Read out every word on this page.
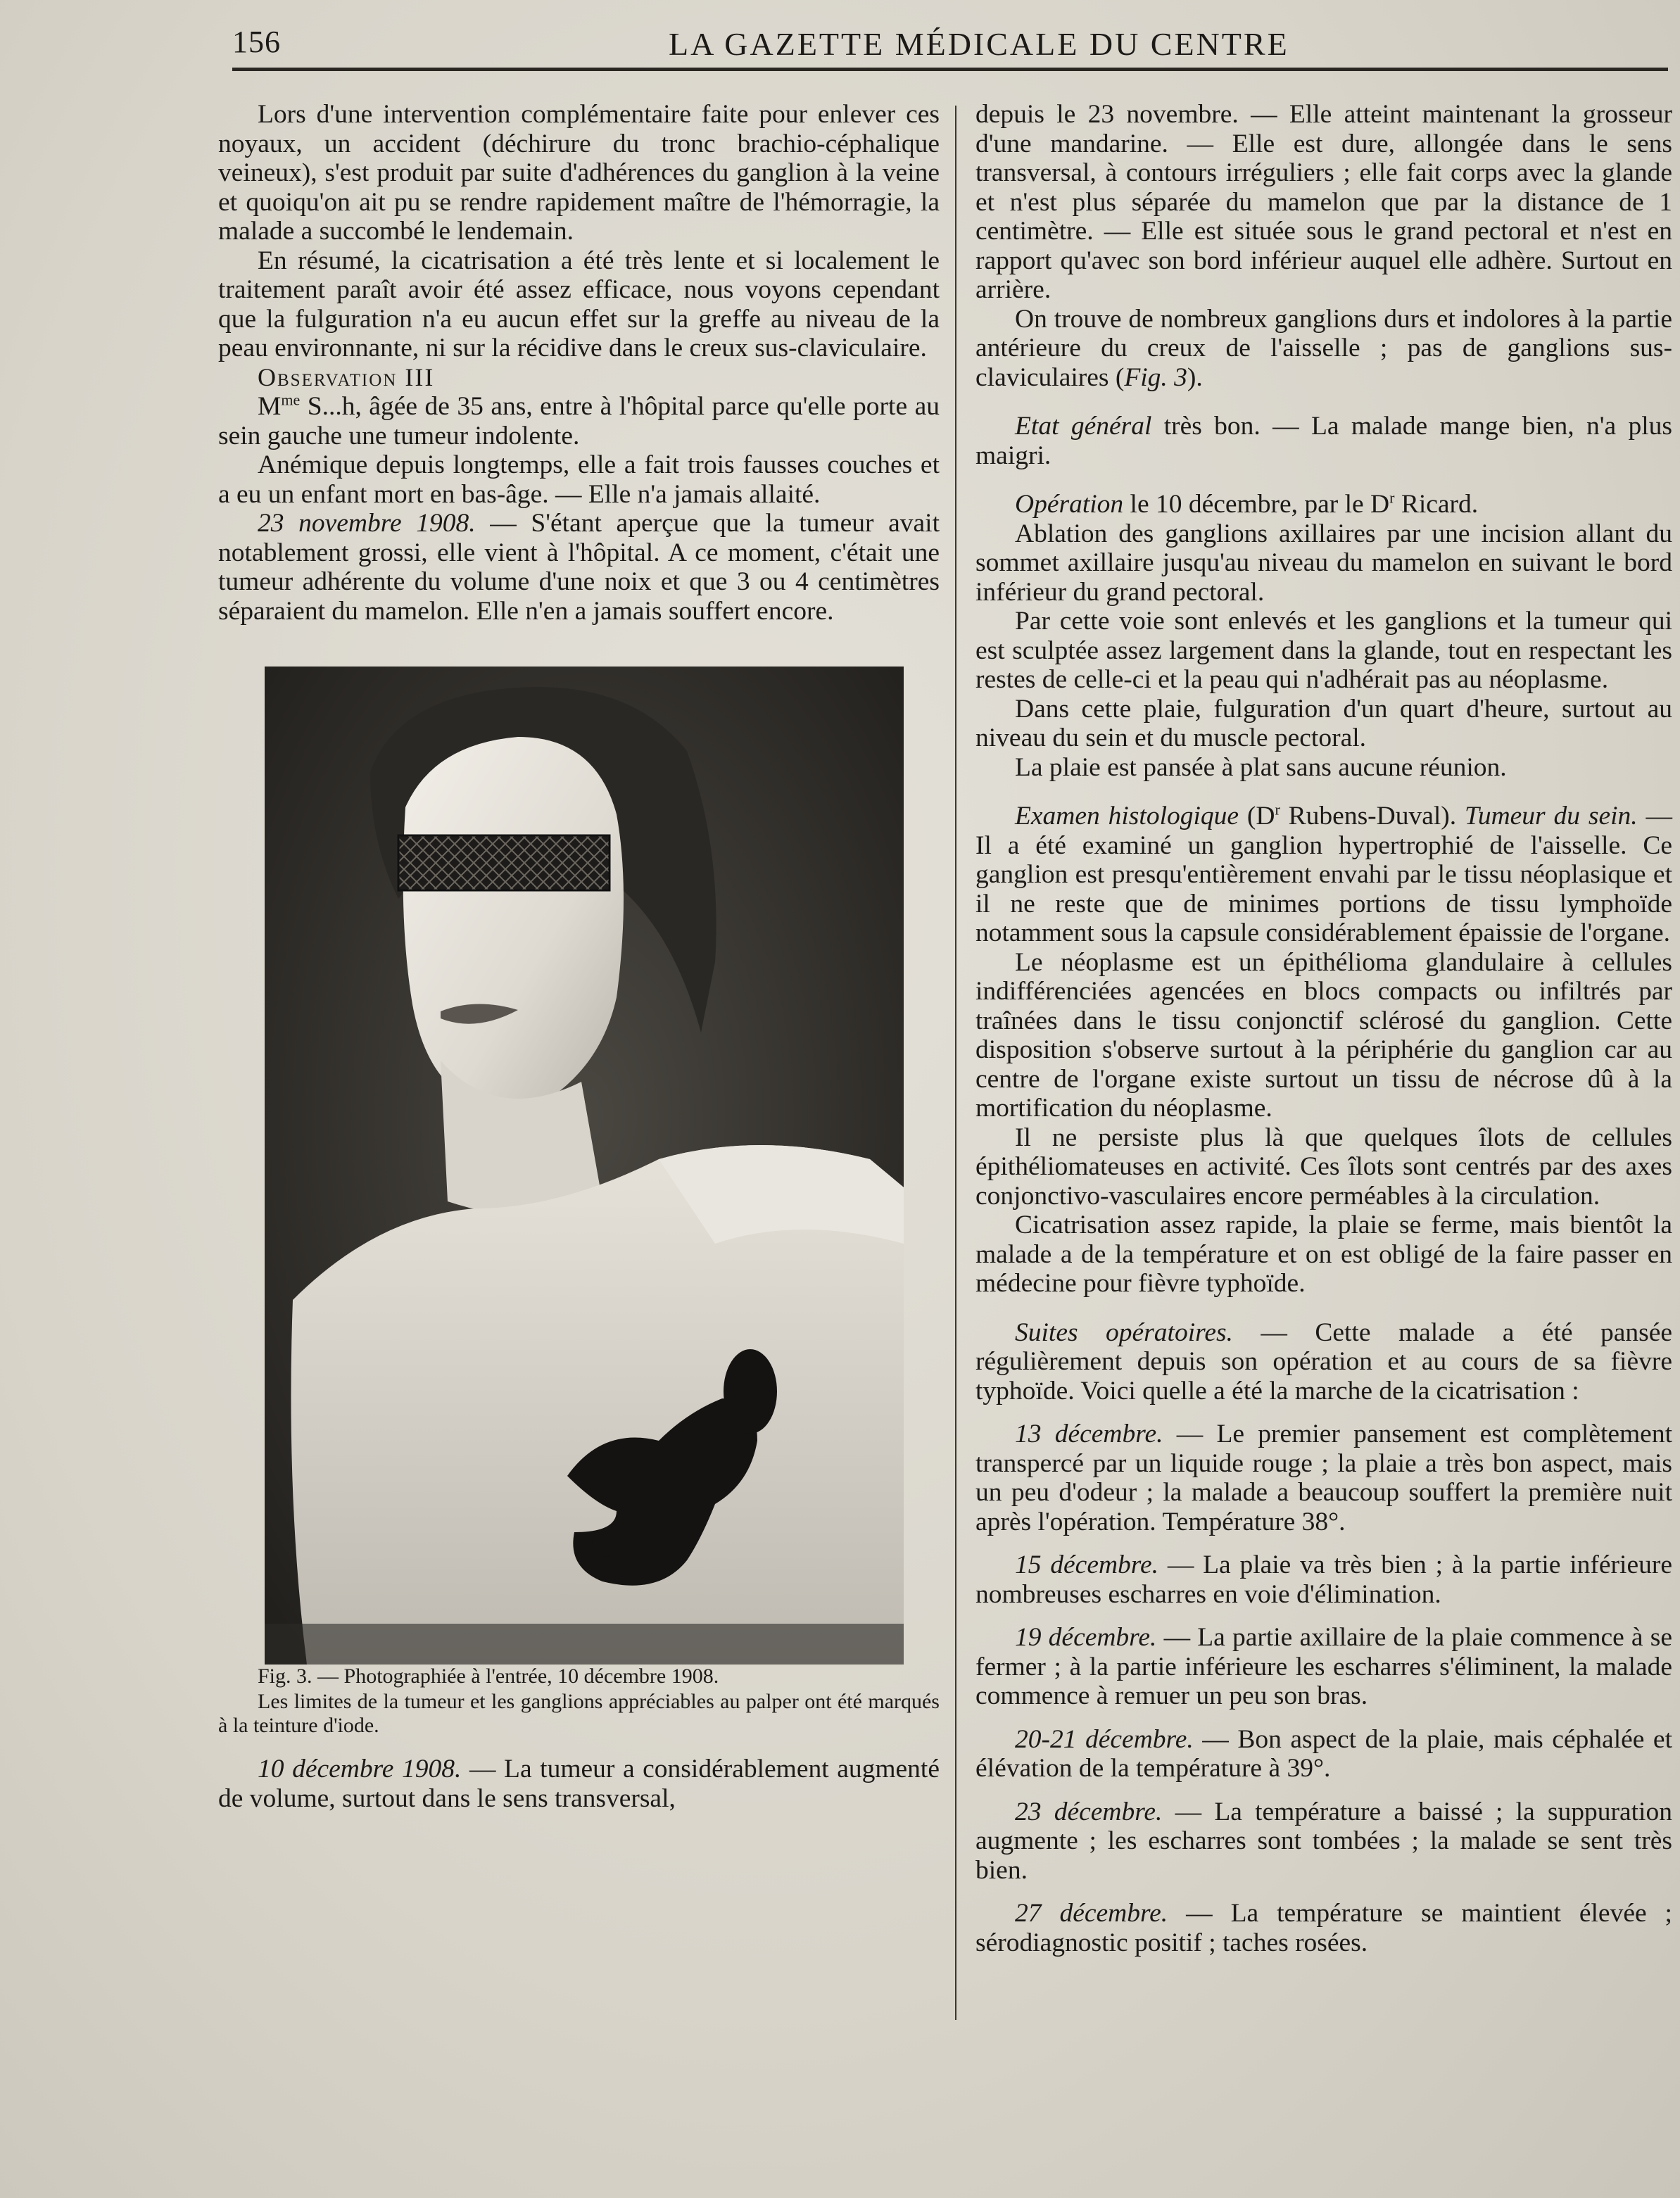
156	LA GAZETTE MÉDICALE DU CENTRE

Lors d'une intervention complémentaire faite pour enlever ces noyaux, un accident (déchirure du tronc brachio-céphalique veineux), s'est produit par suite d'adhérences du ganglion à la veine et quoiqu'on ait pu se rendre rapidement maître de l'hémorragie, la malade a succombé le lendemain.

En résumé, la cicatrisation a été très lente et si localement le traitement paraît avoir été assez efficace, nous voyons cependant que la fulguration n'a eu aucun effet sur la greffe au niveau de la peau environnante, ni sur la récidive dans le creux sus-claviculaire.

Observation III

$M^{me}$ S...h, âgée de 35 ans, entre à l'hôpital parce qu'elle porte au sein gauche une tumeur indolente.

Anémique depuis longtemps, elle a fait trois fausses couches et a eu un enfant mort en bas-âge. — Elle n'a jamais allaité.

23 novembre 1908. — S'étant aperçue que la tumeur avait notablement grossi, elle vient à l'hôpital. A ce moment, c'était une tumeur adhérente du volume d'une noix et que 3 ou 4 centimètres séparaient du mamelon. Elle n'en a jamais souffert encore.

Fig. 3. — Photographiée à l'entrée, 10 décembre 1908.

Les limites de la tumeur et les ganglions appréciables au palper ont été marqués à la teinture d'iode.

10 décembre 1908. — La tumeur a considérablement augmenté de volume, surtout dans le sens transversal,

depuis le 23 novembre. — Elle atteint maintenant la grosseur d'une mandarine. — Elle est dure, allongée dans le sens transversal, à contours irréguliers ; elle fait corps avec la glande et n'est plus séparée du mamelon que par la distance de 1 centimètre. — Elle est située sous le grand pectoral et n'est en rapport qu'avec son bord inférieur auquel elle adhère. Surtout en arrière.

On trouve de nombreux ganglions durs et indolores à la partie antérieure du creux de l'aisselle ; pas de ganglions sus-claviculaires (Fig. 3).

Etat général très bon. — La malade mange bien, n'a plus maigri.

Opération le 10 décembre, par le $D^r$ Ricard.

Ablation des ganglions axillaires par une incision allant du sommet axillaire jusqu'au niveau du mamelon en suivant le bord inférieur du grand pectoral.

Par cette voie sont enlevés et les ganglions et la tumeur qui est sculptée assez largement dans la glande, tout en respectant les restes de celle-ci et la peau qui n'adhérait pas au néoplasme.

Dans cette plaie, fulguration d'un quart d'heure, surtout au niveau du sein et du muscle pectoral.

La plaie est pansée à plat sans aucune réunion.

Examen histologique ($D^r$ Rubens-Duval). Tumeur du sein. — Il a été examiné un ganglion hypertrophié de l'aisselle. Ce ganglion est presqu'entièrement envahi par le tissu néoplasique et il ne reste que de minimes portions de tissu lymphoïde notamment sous la capsule considérablement épaissie de l'organe.

Le néoplasme est un épithélioma glandulaire à cellules indifférenciées agencées en blocs compacts ou infiltrés par traînées dans le tissu conjonctif sclérosé du ganglion. Cette disposition s'observe surtout à la périphérie du ganglion car au centre de l'organe existe surtout un tissu de nécrose dû à la mortification du néoplasme.

Il ne persiste plus là que quelques îlots de cellules épithéliomateuses en activité. Ces îlots sont centrés par des axes conjonctivo-vasculaires encore perméables à la circulation.

Cicatrisation assez rapide, la plaie se ferme, mais bientôt la malade a de la température et on est obligé de la faire passer en médecine pour fièvre typhoïde.

Suites opératoires. — Cette malade a été pansée régulièrement depuis son opération et au cours de sa fièvre typhoïde. Voici quelle a été la marche de la cicatrisation :

13 décembre. — Le premier pansement est complètement transpercé par un liquide rouge ; la plaie a très bon aspect, mais un peu d'odeur ; la malade a beaucoup souffert la première nuit après l'opération. Température 38°.

15 décembre. — La plaie va très bien ; à la partie inférieure nombreuses escharres en voie d'élimination.

19 décembre. — La partie axillaire de la plaie commence à se fermer ; à la partie inférieure les escharres s'éliminent, la malade commence à remuer un peu son bras.

20-21 décembre. — Bon aspect de la plaie, mais céphalée et élévation de la température à 39°.

23 décembre. — La température a baissé ; la suppuration augmente ; les escharres sont tombées ; la malade se sent très bien.

27 décembre. — La température se maintient élevée ; sérodiagnostic positif ; taches rosées.
